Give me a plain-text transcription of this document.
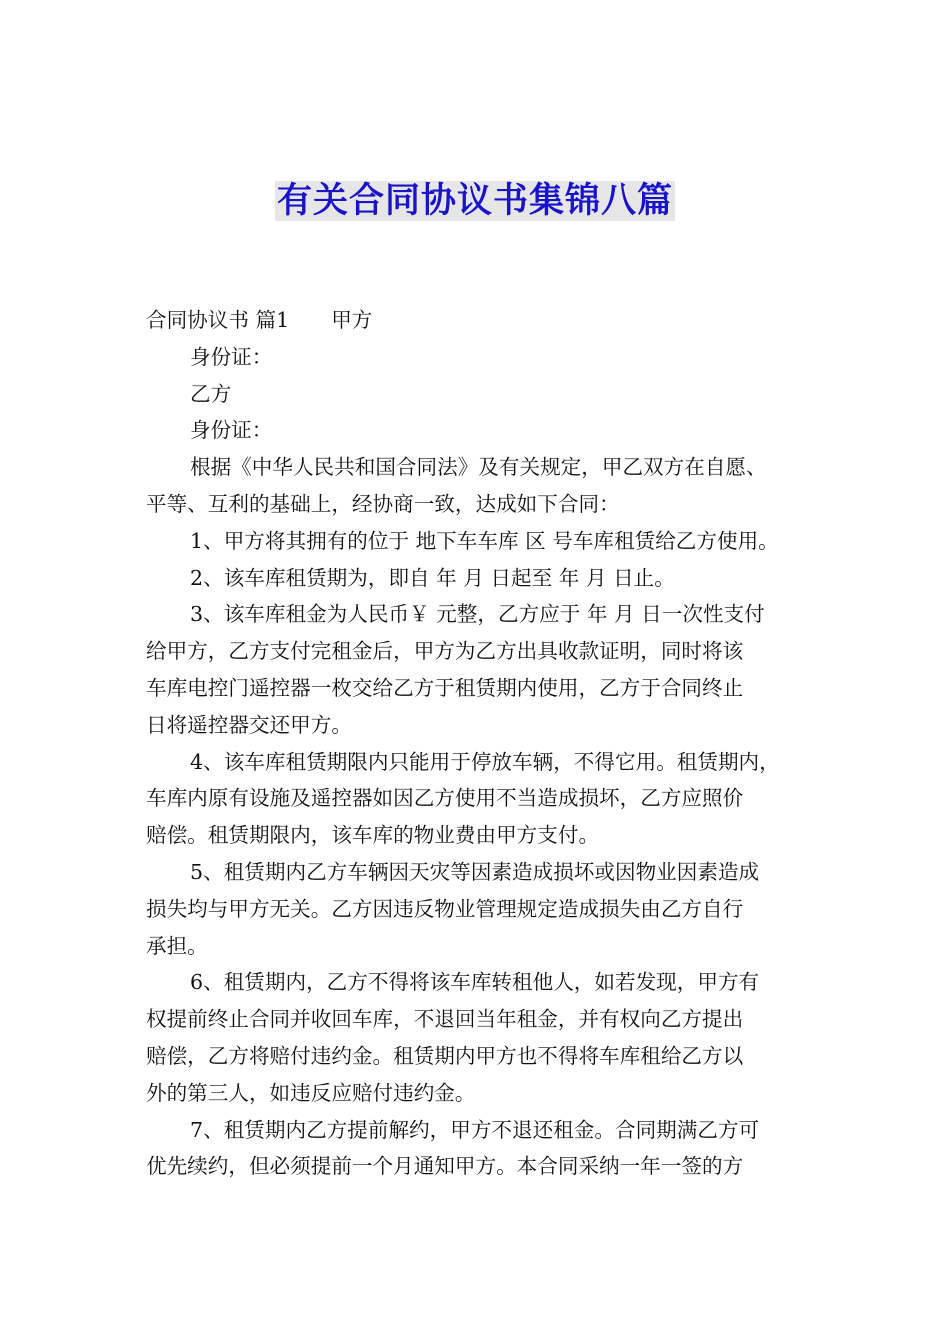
有关合同协议书集锦八篇

合同协议书 篇1 甲方

身份证：

乙方

身份证：

根据《中华人民共和国合同法》及有关规定，甲乙双方在自愿、

平等、互利的基础上，经协商一致，达成如下合同：

1、甲方将其拥有的位于 地下车车库 区 号车库租赁给乙方使用。

2、该车库租赁期为，即自 年 月 日起至 年 月 日止。

3、该车库租金为人民币￥ 元整，乙方应于 年 月 日一次性支付

给甲方，乙方支付完租金后，甲方为乙方出具收款证明，同时将该

车库电控门遥控器一枚交给乙方于租赁期内使用，乙方于合同终止

日将遥控器交还甲方。

4、该车库租赁期限内只能用于停放车辆，不得它用。租赁期内，

车库内原有设施及遥控器如因乙方使用不当造成损坏，乙方应照价

赔偿。租赁期限内，该车库的物业费由甲方支付。

5、租赁期内乙方车辆因天灾等因素造成损坏或因物业因素造成

损失均与甲方无关。乙方因违反物业管理规定造成损失由乙方自行

承担。

6、租赁期内，乙方不得将该车库转租他人，如若发现，甲方有

权提前终止合同并收回车库，不退回当年租金，并有权向乙方提出

赔偿，乙方将赔付违约金。租赁期内甲方也不得将车库租给乙方以

外的第三人，如违反应赔付违约金。

7、租赁期内乙方提前解约，甲方不退还租金。合同期满乙方可

优先续约，但必须提前一个月通知甲方。本合同采纳一年一签的方
